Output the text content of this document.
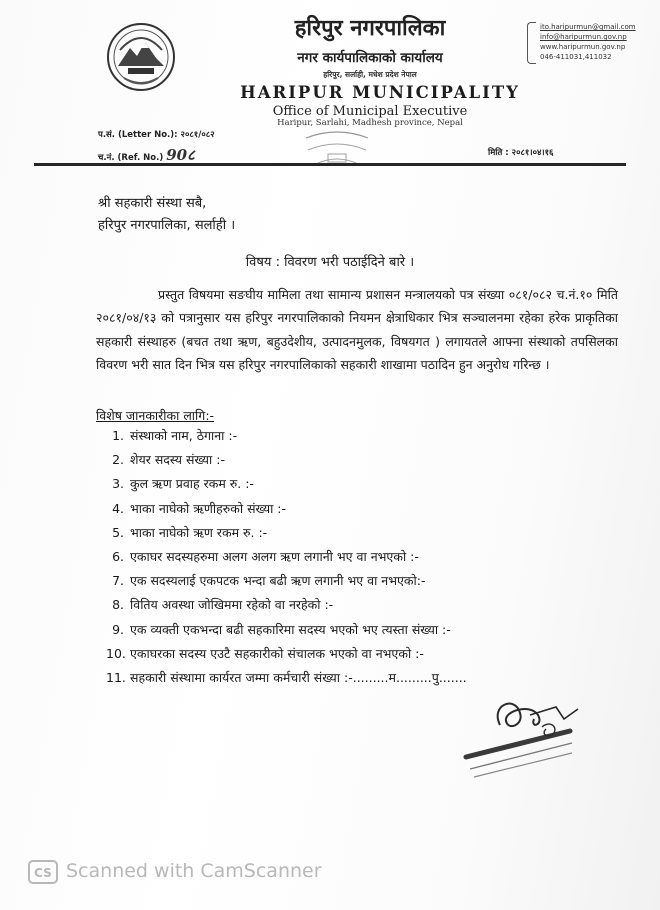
हरिपुर नगरपालिका
नगर कार्यपालिकाको कार्यालय
हरिपुर, सर्लाही, मधेश प्रदेश नेपाल
HARIPUR MUNICIPALITY
Office of Municipal Executive
Haripur, Sarlahi, Madhesh province, Nepal
ito.haripurmun@gmail.com
info@haripurmun.gov.np
www.haripurmun.gov.np
046-411031,411032
प.सं. (Letter No.): २०८१/०८२
च.नं. (Ref. No.) 90८	मिति : २०८१।०४।१६
श्री सहकारी संस्था सबै,
हरिपुर नगरपालिका, सर्लाही ।
विषय : विवरण भरी पठाईदिने बारे ।
प्रस्तुत विषयमा सङघीय मामिला तथा सामान्य प्रशासन मन्त्रालयको पत्र संख्या ०८१/०८२ च.नं.१० मिति २०८१/०४/१३ को पत्रानुसार यस हरिपुर नगरपालिकाको नियमन क्षेत्राधिकार भित्र सञ्चालनमा रहेका हरेक प्राकृतिका सहकारी संस्थाहरु (बचत तथा ऋण, बहुउदेशीय, उत्पादनमुलक, विषयगत ) लगायतले आफ्ना संस्थाको तपसिलका विवरण भरी सात दिन भित्र यस हरिपुर नगरपालिकाको सहकारी शाखामा पठादिन हुन अनुरोध गरिन्छ ।
विशेष जानकारीका लागि:-
1. संस्थाको नाम, ठेगाना :-
2. शेयर सदस्य संख्या :-
3. कुल ऋण प्रवाह रकम रु. :-
4. भाका नाघेको ऋणीहरुको संख्या :-
5. भाका नाघेको ऋण रकम रु. :-
6. एकाघर सदस्यहरुमा अलग अलग ऋण लगानी भए वा नभएको :-
7. एक सदस्यलाई एकपटक भन्दा बढी ऋण लगानी भए वा नभएको:-
8. वितिय अवस्था जोखिममा रहेको वा नरहेको :-
9. एक व्यक्ती एकभन्दा बढी सहकारिमा सदस्य भएको भए त्यस्ता संख्या :-
10. एकाघरका सदस्य एउटै सहकारीको संचालक भएको वा नभएको :-
11. सहकारी संस्थामा कार्यरत जम्मा कर्मचारी संख्या :-.........म.........पु.......
CS Scanned with CamScanner
